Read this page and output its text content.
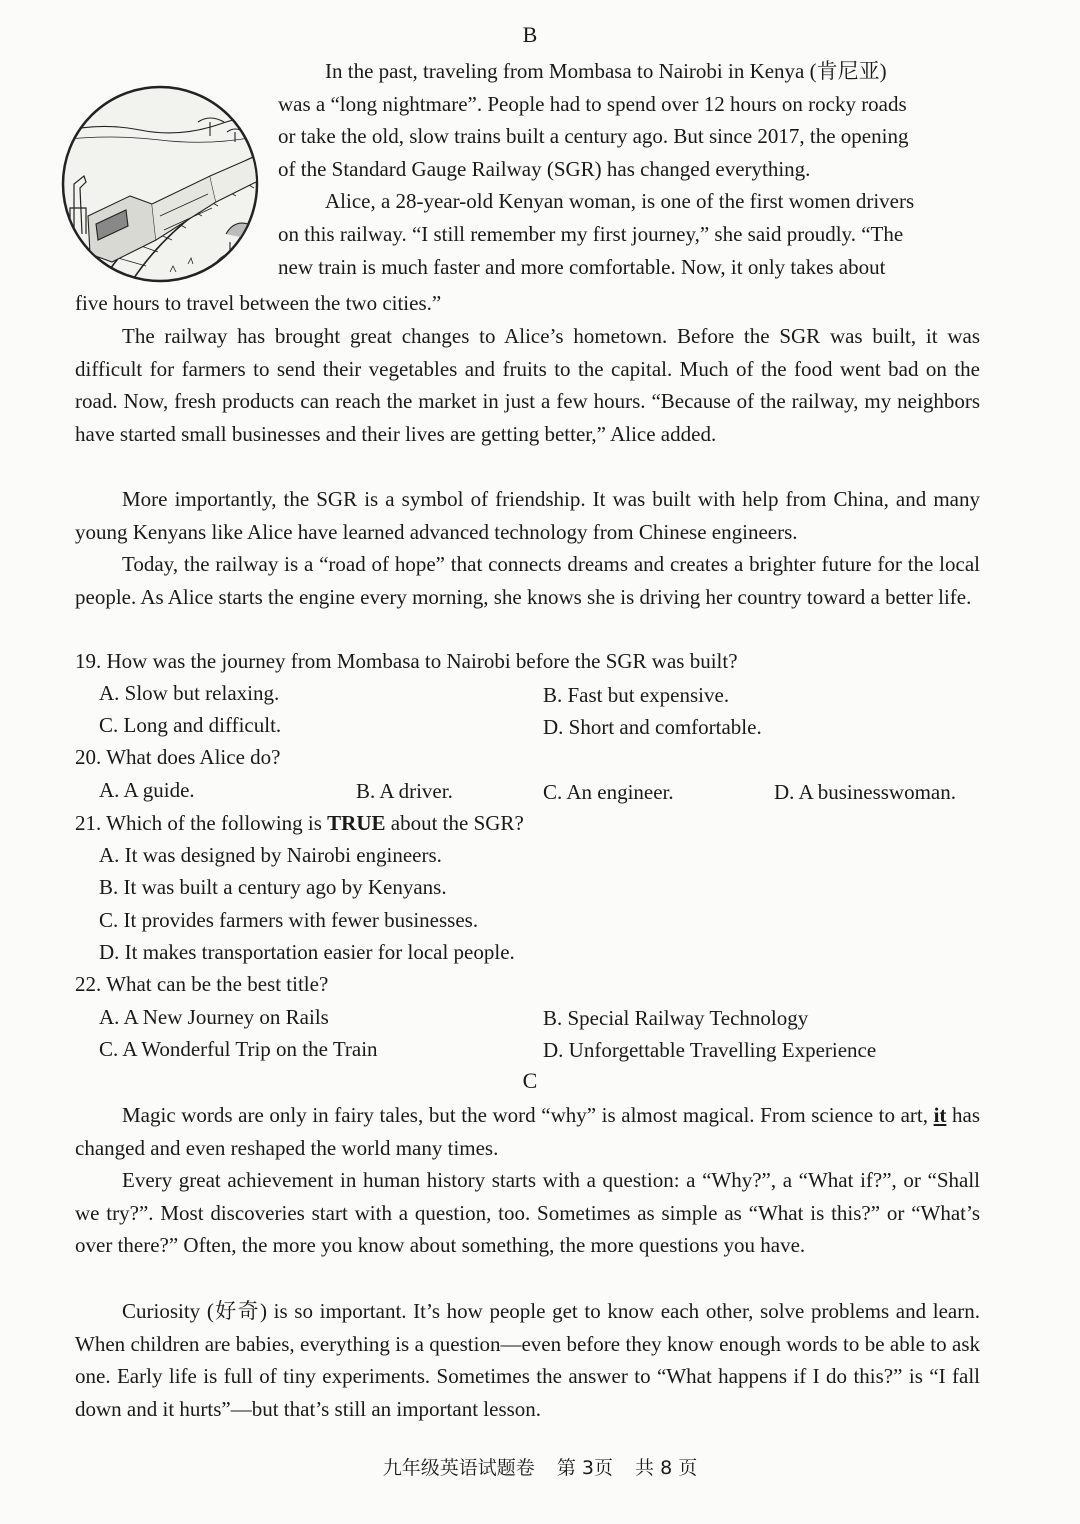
B

In the past, traveling from Mombasa to Nairobi in Kenya (肯尼亚)
was a “long nightmare”. People had to spend over 12 hours on rocky roads
or take the old, slow trains built a century ago. But since 2017, the opening
of the Standard Gauge Railway (SGR) has changed everything.
Alice, a 28-year-old Kenyan woman, is one of the first women drivers
on this railway. “I still remember my first journey,” she said proudly. “The
new train is much faster and more comfortable. Now, it only takes about

five hours to travel between the two cities.”

The railway has brought great changes to Alice’s hometown. Before the SGR was built, it was difficult for farmers to send their vegetables and fruits to the capital. Much of the food went bad on the road. Now, fresh products can reach the market in just a few hours. “Because of the railway, my neighbors have started small businesses and their lives are getting better,” Alice added.

More importantly, the SGR is a symbol of friendship. It was built with help from China, and many young Kenyans like Alice have learned advanced technology from Chinese engineers.

Today, the railway is a “road of hope” that connects dreams and creates a brighter future for the local people. As Alice starts the engine every morning, she knows she is driving her country toward a better life.

19. How was the journey from Mombasa to Nairobi before the SGR was built?

A. Slow but relaxing.	B. Fast but expensive.
C. Long and difficult.	D. Short and comfortable.

20. What does Alice do?

A. A guide.	B. A driver.	C. An engineer.	D. A businesswoman.

21. Which of the following is TRUE about the SGR?

A. It was designed by Nairobi engineers.
B. It was built a century ago by Kenyans.
C. It provides farmers with fewer businesses.
D. It makes transportation easier for local people.

22. What can be the best title?

A. A New Journey on Rails	B. Special Railway Technology
C. A Wonderful Trip on the Train	D. Unforgettable Travelling Experience
C

Magic words are only in fairy tales, but the word “why” is almost magical. From science to art, it has changed and even reshaped the world many times.

Every great achievement in human history starts with a question: a “Why?”, a “What if?”, or “Shall we try?”. Most discoveries start with a question, too. Sometimes as simple as “What is this?” or “What’s over there?” Often, the more you know about something, the more questions you have.

Curiosity (好奇) is so important. It’s how people get to know each other, solve problems and learn. When children are babies, everything is a question—even before they know enough words to be able to ask one. Early life is full of tiny experiments. Sometimes the answer to “What happens if I do this?” is “I fall down and it hurts”—but that’s still an important lesson.

九年级英语试题卷 第 3页 共 8 页
